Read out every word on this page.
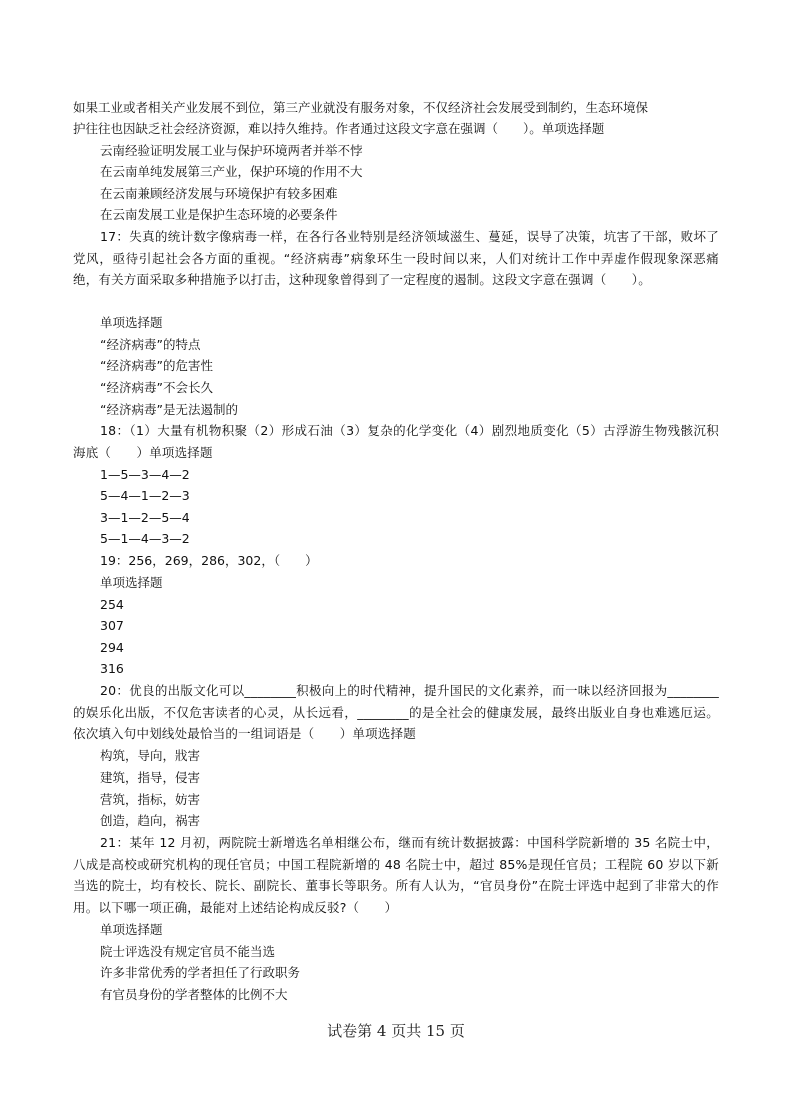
如果工业或者相关产业发展不到位，第三产业就没有服务对象，不仅经济社会发展受到制约，生态环境保
护往往也因缺乏社会经济资源，难以持久维持。作者通过这段文字意在强调（　　）。单项选择题
云南经验证明发展工业与保护环境两者并举不悖
在云南单纯发展第三产业，保护环境的作用不大
在云南兼顾经济发展与环境保护有较多困难
在云南发展工业是保护生态环境的必要条件
17：失真的统计数字像病毒一样，在各行各业特别是经济领域滋生、蔓延，误导了决策，坑害了干部，败坏了党风，亟待引起社会各方面的重视。“经济病毒”病象环生一段时间以来，人们对统计工作中弄虚作假现象深恶痛绝，有关方面采取多种措施予以打击，这种现象曾得到了一定程度的遏制。这段文字意在强调（　　）。
单项选择题
“经济病毒”的特点
“经济病毒”的危害性
“经济病毒”不会长久
“经济病毒”是无法遏制的
18：（1）大量有机物积聚（2）形成石油（3）复杂的化学变化（4）剧烈地质变化（5）古浮游生物残骸沉积海底（　　）单项选择题
1—5—3—4—2
5—4—1—2—3
3—1—2—5—4
5—1—4—3—2
19：256，269，286，302，（　　）
单项选择题
254
307
294
316
20：优良的出版文化可以________积极向上的时代精神，提升国民的文化素养，而一味以经济回报为________的娱乐化出版，不仅危害读者的心灵，从长远看，________的是全社会的健康发展，最终出版业自身也难逃厄运。依次填入句中划线处最恰当的一组词语是（　　）单项选择题
构筑，导向，戕害
建筑，指导，侵害
营筑，指标，妨害
创造，趋向，祸害
21：某年 12 月初，两院院士新增选名单相继公布，继而有统计数据披露：中国科学院新增的 35 名院士中，八成是高校或研究机构的现任官员；中国工程院新增的 48 名院士中，超过 85%是现任官员；工程院 60 岁以下新当选的院士，均有校长、院长、副院长、董事长等职务。所有人认为，“官员身份”在院士评选中起到了非常大的作用。以下哪一项正确，最能对上述结论构成反驳?（　　）
单项选择题
院士评选没有规定官员不能当选
许多非常优秀的学者担任了行政职务
有官员身份的学者整体的比例不大
试卷第 4 页共 15 页
